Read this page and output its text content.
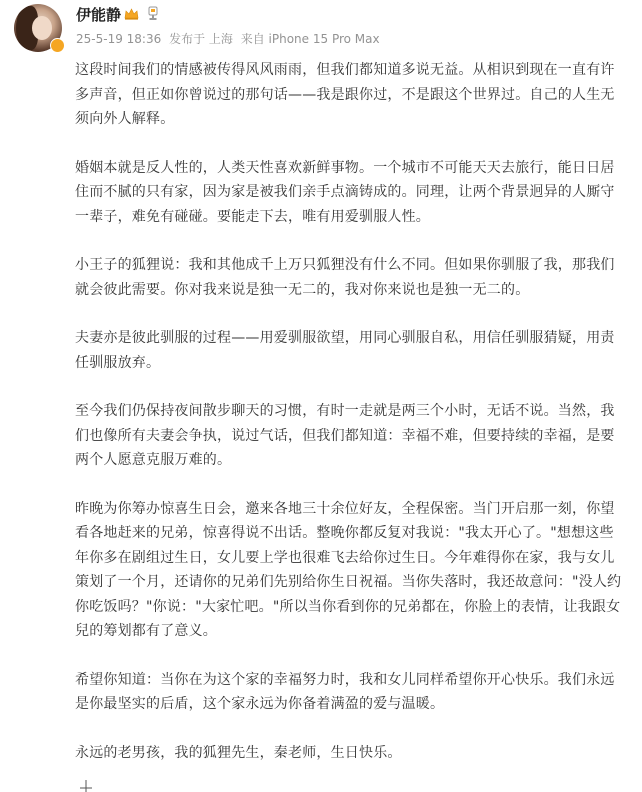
伊能静
25-5-19 18:36 发布于 上海 来自 iPhone 15 Pro Max

这段时间我们的情感被传得风风雨雨，但我们都知道多说无益。从相识到现在一直有许多声音，但正如你曾说过的那句话——我是跟你过，不是跟这个世界过。自己的人生无须向外人解释。

婚姻本就是反人性的，人类天性喜欢新鲜事物。一个城市不可能天天去旅行，能日日居住而不腻的只有家，因为家是被我们亲手点滴铸成的。同理，让两个背景迥异的人厮守一辈子，难免有碰碰。要能走下去，唯有用爱驯服人性。

小王子的狐狸说：我和其他成千上万只狐狸没有什么不同。但如果你驯服了我，那我们就会彼此需要。你对我来说是独一无二的，我对你来说也是独一无二的。

夫妻亦是彼此驯服的过程——用爱驯服欲望，用同心驯服自私，用信任驯服猜疑，用责任驯服放弃。

至今我们仍保持夜间散步聊天的习惯，有时一走就是两三个小时，无话不说。当然，我们也像所有夫妻会争执，说过气话，但我们都知道：幸福不难，但要持续的幸福，是要两个人愿意克服万难的。

昨晚为你筹办惊喜生日会，邀来各地三十余位好友，全程保密。当门开启那一刻，你望看各地赶来的兄弟，惊喜得说不出话。整晚你都反复对我说："我太开心了。"想想这些年你多在剧组过生日，女儿要上学也很难飞去给你过生日。今年难得你在家，我与女儿策划了一个月，还请你的兄弟们先别给你生日祝福。当你失落时，我还故意问："没人约你吃饭吗？"你说："大家忙吧。"所以当你看到你的兄弟都在，你脸上的表情，让我跟女兒的筹划都有了意义。

希望你知道：当你在为这个家的幸福努力时，我和女儿同样希望你开心快乐。我们永远是你最坚实的后盾，这个家永远为你备着满盈的爱与温暖。

永远的老男孩，我的狐狸先生，秦老师，生日快乐。
